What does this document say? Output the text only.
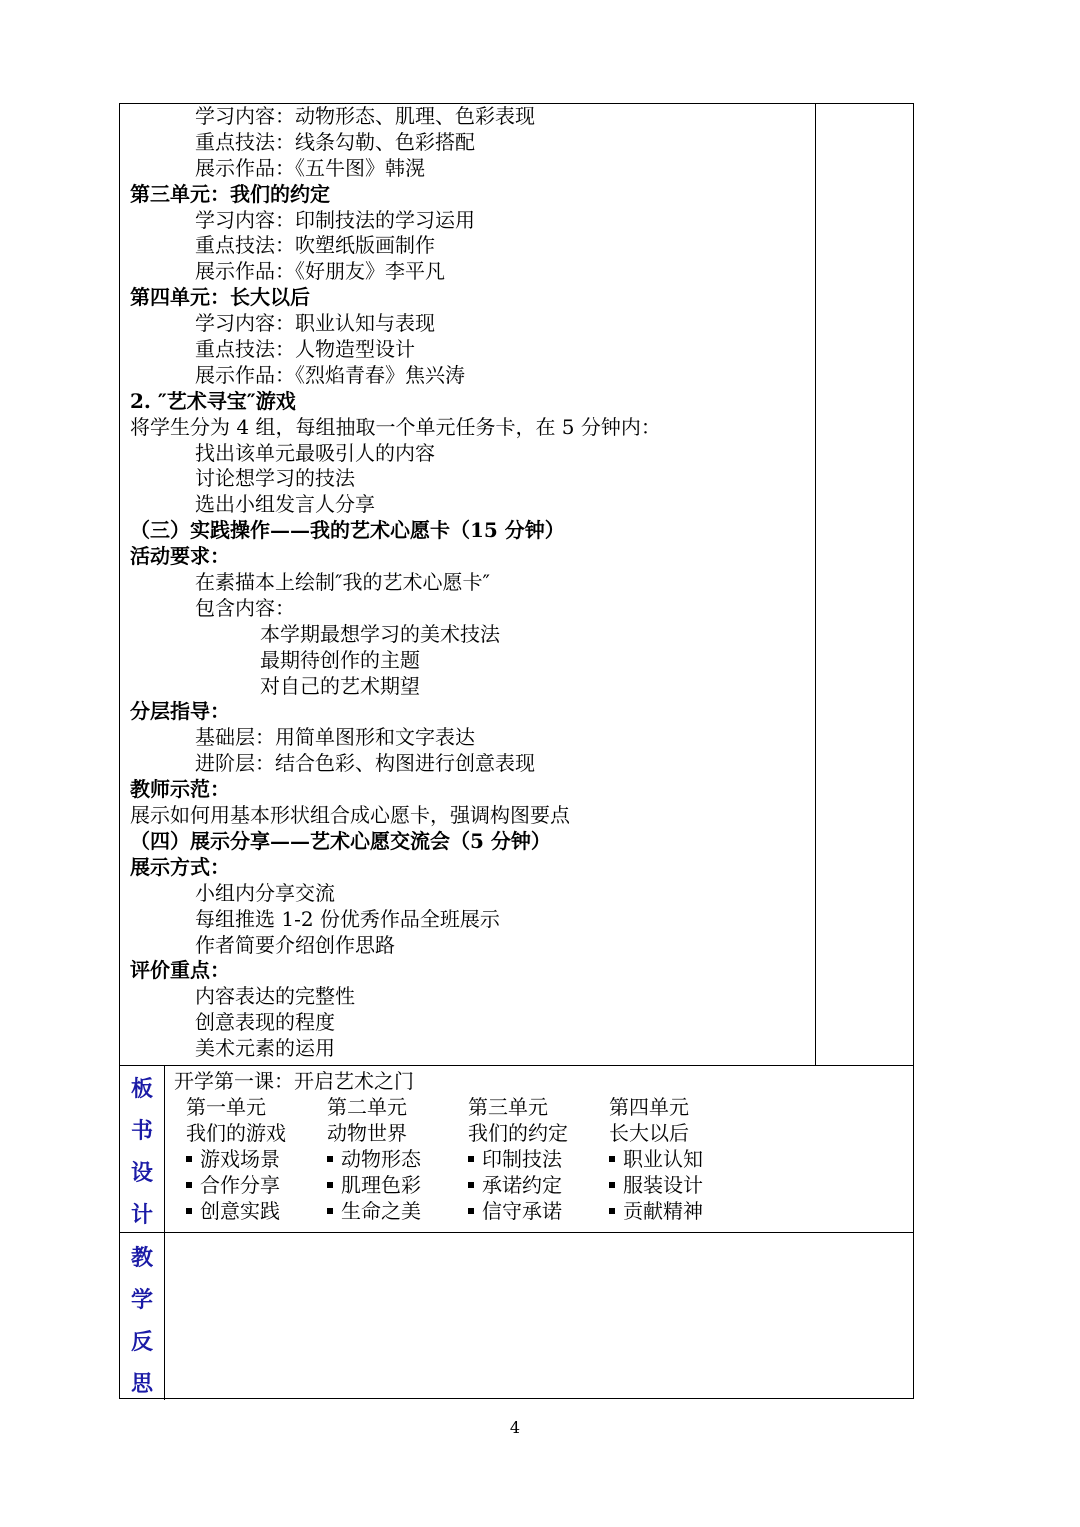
学习内容：动物形态、肌理、色彩表现
重点技法：线条勾勒、色彩搭配
展示作品：《五牛图》韩滉
第三单元：我们的约定
学习内容：印制技法的学习运用
重点技法：吹塑纸版画制作
展示作品：《好朋友》李平凡
第四单元：长大以后
学习内容：职业认知与表现
重点技法：人物造型设计
展示作品：《烈焰青春》焦兴涛
2. ″艺术寻宝″游戏
将学生分为 4 组，每组抽取一个单元任务卡，在 5 分钟内：
找出该单元最吸引人的内容
讨论想学习的技法
选出小组发言人分享
（三）实践操作——我的艺术心愿卡（15 分钟）
活动要求：
在素描本上绘制″我的艺术心愿卡″
包含内容：
本学期最想学习的美术技法
最期待创作的主题
对自己的艺术期望
分层指导：
基础层：用简单图形和文字表达
进阶层：结合色彩、构图进行创意表现
教师示范：
展示如何用基本形状组合成心愿卡，强调构图要点
（四）展示分享——艺术心愿交流会（5 分钟）
展示方式：
小组内分享交流
每组推选 1-2 份优秀作品全班展示
作者简要介绍创作思路
评价重点：
内容表达的完整性
创意表现的程度
美术元素的运用
板
书
设
计
开学第一课：开启艺术之门
第一单元
我们的游戏
游戏场景
合作分享
创意实践
第二单元
动物世界
动物形态
肌理色彩
生命之美
第三单元
我们的约定
印制技法
承诺约定
信守承诺
第四单元
长大以后
职业认知
服装设计
贡献精神
教
学
反
思
4
